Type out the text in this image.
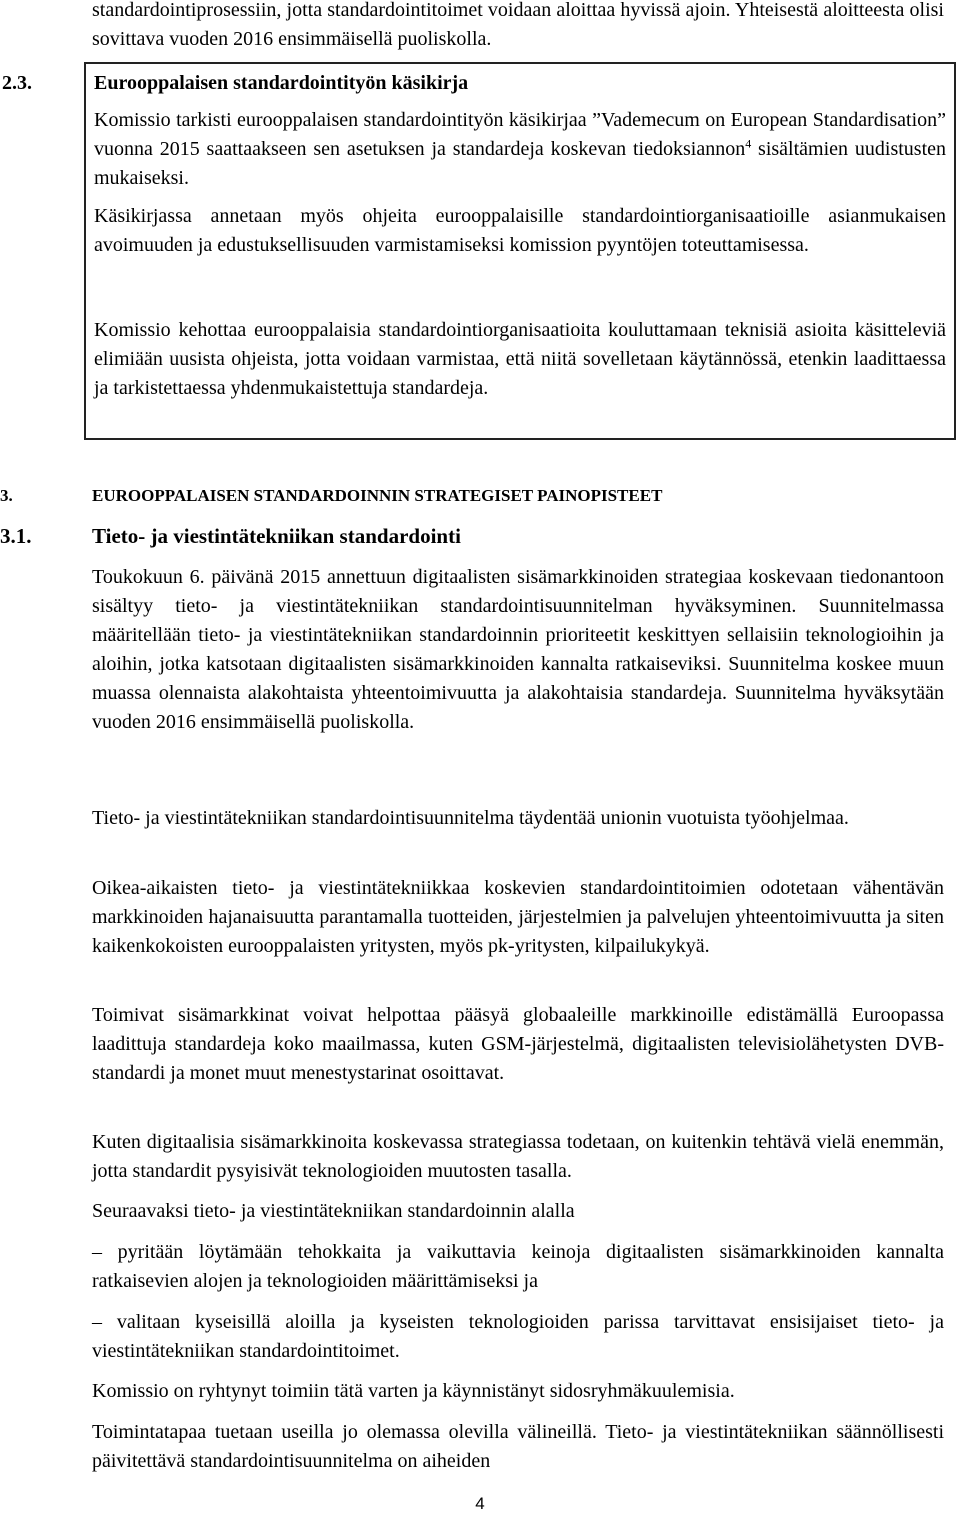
standardointiprosessiin, jotta standardointitoimet voidaan aloittaa hyvissä ajoin. Yhteisestä aloitteesta olisi sovittava vuoden 2016 ensimmäisellä puoliskolla.

2.3.	Eurooppalaisen standardointityön käsikirja

Komissio tarkisti eurooppalaisen standardointityön käsikirjaa ”Vademecum on European Standardisation” vuonna 2015 saattaakseen sen asetuksen ja standardeja koskevan tiedoksiannon$^4$ sisältämien uudistusten mukaiseksi.

Käsikirjassa annetaan myös ohjeita eurooppalaisille standardointiorganisaatioille asianmukaisen avoimuuden ja edustuksellisuuden varmistamiseksi komission pyyntöjen toteuttamisessa.

Komissio kehottaa eurooppalaisia standardointiorganisaatioita kouluttamaan teknisiä asioita käsitteleviä elimiään uusista ohjeista, jotta voidaan varmistaa, että niitä sovelletaan käytännössä, etenkin laadittaessa ja tarkistettaessa yhdenmukaistettuja standardeja.

3.	EUROOPPALAISEN STANDARDOINNIN STRATEGISET PAINOPISTEET
3.1.	Tieto- ja viestintätekniikan standardointi

Toukokuun 6. päivänä 2015 annettuun digitaalisten sisämarkkinoiden strategiaa koskevaan tiedonantoon sisältyy tieto- ja viestintätekniikan standardointisuunnitelman hyväksyminen. Suunnitelmassa määritellään tieto- ja viestintätekniikan standardoinnin prioriteetit keskittyen sellaisiin teknologioihin ja aloihin, jotka katsotaan digitaalisten sisämarkkinoiden kannalta ratkaiseviksi. Suunnitelma koskee muun muassa olennaista alakohtaista yhteentoimivuutta ja alakohtaisia standardeja. Suunnitelma hyväksytään vuoden 2016 ensimmäisellä puoliskolla.

Tieto- ja viestintätekniikan standardointisuunnitelma täydentää unionin vuotuista työohjelmaa.

Oikea-aikaisten tieto- ja viestintätekniikkaa koskevien standardointitoimien odotetaan vähentävän markkinoiden hajanaisuutta parantamalla tuotteiden, järjestelmien ja palvelujen yhteentoimivuutta ja siten kaikenkokoisten eurooppalaisten yritysten, myös pk-yritysten, kilpailukykyä.

Toimivat sisämarkkinat voivat helpottaa pääsyä globaaleille markkinoille edistämällä Euroopassa laadittuja standardeja koko maailmassa, kuten GSM-järjestelmä, digitaalisten televisiolähetysten DVB-standardi ja monet muut menestystarinat osoittavat.

Kuten digitaalisia sisämarkkinoita koskevassa strategiassa todetaan, on kuitenkin tehtävä vielä enemmän, jotta standardit pysyisivät teknologioiden muutosten tasalla.

Seuraavaksi tieto- ja viestintätekniikan standardoinnin alalla

– pyritään löytämään tehokkaita ja vaikuttavia keinoja digitaalisten sisämarkkinoiden kannalta ratkaisevien alojen ja teknologioiden määrittämiseksi ja

– valitaan kyseisillä aloilla ja kyseisten teknologioiden parissa tarvittavat ensisijaiset tieto- ja viestintätekniikan standardointitoimet.

Komissio on ryhtynyt toimiin tätä varten ja käynnistänyt sidosryhmäkuulemisia.

Toimintatapaa tuetaan useilla jo olemassa olevilla välineillä. Tieto- ja viestintätekniikan säännöllisesti päivitettävä standardointisuunnitelma on aiheiden

4
